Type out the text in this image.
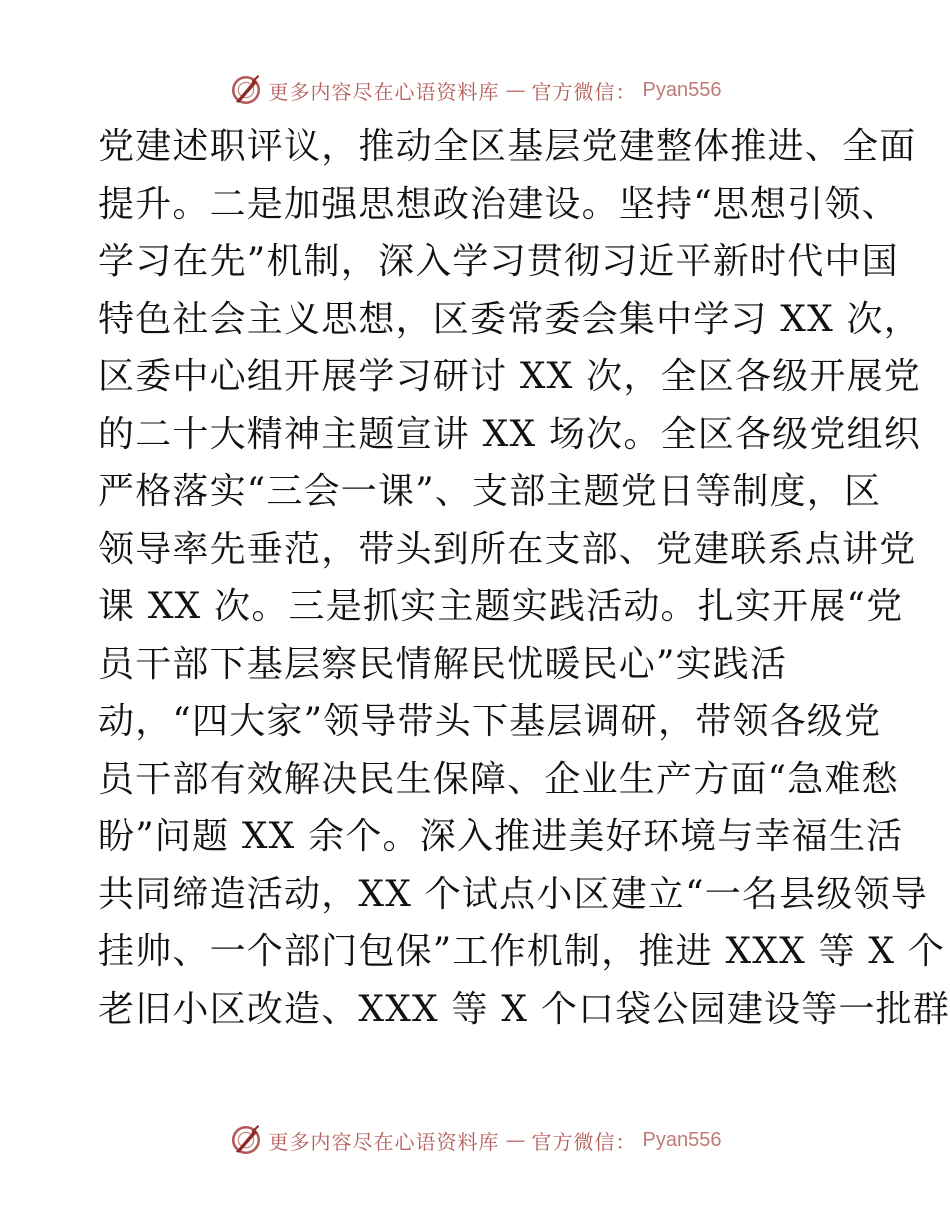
更多内容尽在心语资料库 — 官方微信： Pyan556
党建述职评议，推动全区基层党建整体推进、全面
提升。二是加强思想政治建设。坚持“思想引领、
学习在先”机制，深入学习贯彻习近平新时代中国
特色社会主义思想，区委常委会集中学习 XX 次，
区委中心组开展学习研讨 XX 次，全区各级开展党
的二十大精神主题宣讲 XX 场次。全区各级党组织
严格落实“三会一课”、支部主题党日等制度，区
领导率先垂范，带头到所在支部、党建联系点讲党
课 XX 次。三是抓实主题实践活动。扎实开展“党
员干部下基层察民情解民忧暖民心”实践活
动，“四大家”领导带头下基层调研，带领各级党
员干部有效解决民生保障、企业生产方面“急难愁
盼”问题 XX 余个。深入推进美好环境与幸福生活
共同缔造活动，XX 个试点小区建立“一名县级领导
挂帅、一个部门包保”工作机制，推进 XXX 等 X 个
老旧小区改造、XXX 等 X 个口袋公园建设等一批群
更多内容尽在心语资料库 — 官方微信： Pyan556
